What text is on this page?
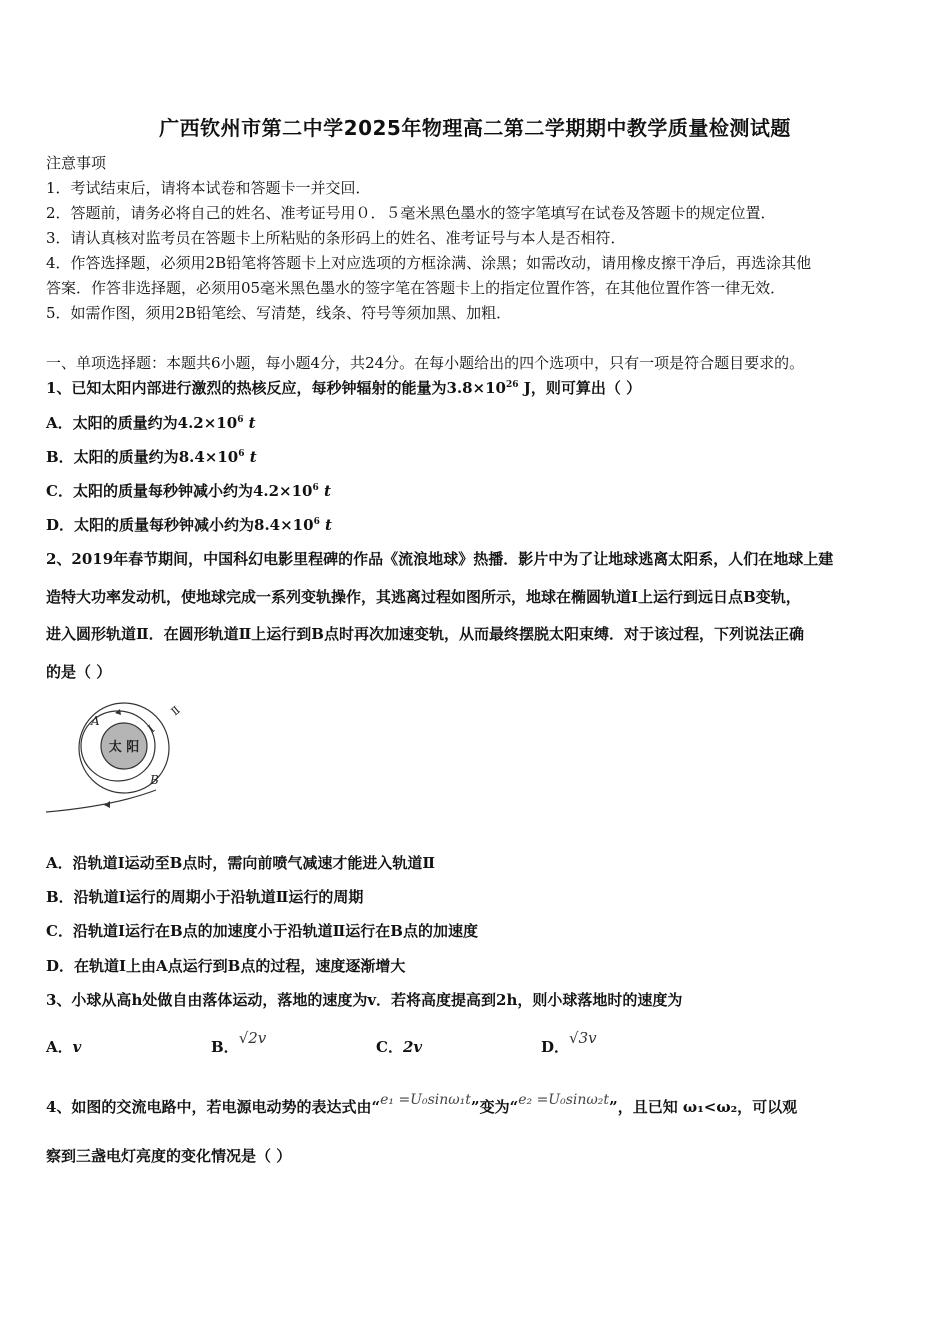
广西钦州市第二中学2025年物理高二第二学期期中教学质量检测试题
注意事项
1．考试结束后，请将本试卷和答题卡一并交回．
2．答题前，请务必将自己的姓名、准考证号用０．５毫米黑色墨水的签字笔填写在试卷及答题卡的规定位置．
3．请认真核对监考员在答题卡上所粘贴的条形码上的姓名、准考证号与本人是否相符．
4．作答选择题，必须用2B铅笔将答题卡上对应选项的方框涂满、涂黑；如需改动，请用橡皮擦干净后，再选涂其他
答案．作答非选择题，必须用05毫米黑色墨水的签字笔在答题卡上的指定位置作答，在其他位置作答一律无效．
5．如需作图，须用2B铅笔绘、写清楚，线条、符号等须加黑、加粗．
一、单项选择题：本题共6小题，每小题4分，共24分。在每小题给出的四个选项中，只有一项是符合题目要求的。
1、已知太阳内部进行激烈的热核反应，每秒钟辐射的能量为$3.8\times 10^{26}$ J，则可算出（ ）
A．太阳的质量约为$4.2\times 10^6$ t
B．太阳的质量约为$8.4\times 10^6$ t
C．太阳的质量每秒钟减小约为$4.2\times 10^6$ t
D．太阳的质量每秒钟减小约为$8.4\times 10^6$ t
2、2019年春节期间，中国科幻电影里程碑的作品《流浪地球》热播．影片中为了让地球逃离太阳系，人们在地球上建
造特大功率发动机，使地球完成一系列变轨操作，其逃离过程如图所示，地球在椭圆轨道Ⅰ上运行到远日点B变轨，
进入圆形轨道Ⅱ．在圆形轨道Ⅱ上运行到B点时再次加速变轨，从而最终摆脱太阳束缚．对于该过程，下列说法正确
的是（ ）
太 阳
A
B
Ⅰ
Ⅱ
A．沿轨道Ⅰ运动至B点时，需向前喷气减速才能进入轨道Ⅱ
B．沿轨道Ⅰ运行的周期小于沿轨道Ⅱ运行的周期
C．沿轨道Ⅰ运行在B点的加速度小于沿轨道Ⅱ运行在B点的加速度
D．在轨道Ⅰ上由A点运行到B点的过程，速度逐渐增大
3、小球从高h处做自由落体运动，落地的速度为v．若将高度提高到2h，则小球落地时的速度为
A．v	B．√2v	C．2v	D．√3v
4、如图的交流电路中，若电源电动势的表达式由“e₁ =U₀sinω₁t”变为“e₂ =U₀sinω₂t”，且已知 ω₁<ω₂，可以观
察到三盏电灯亮度的变化情况是（ ）
